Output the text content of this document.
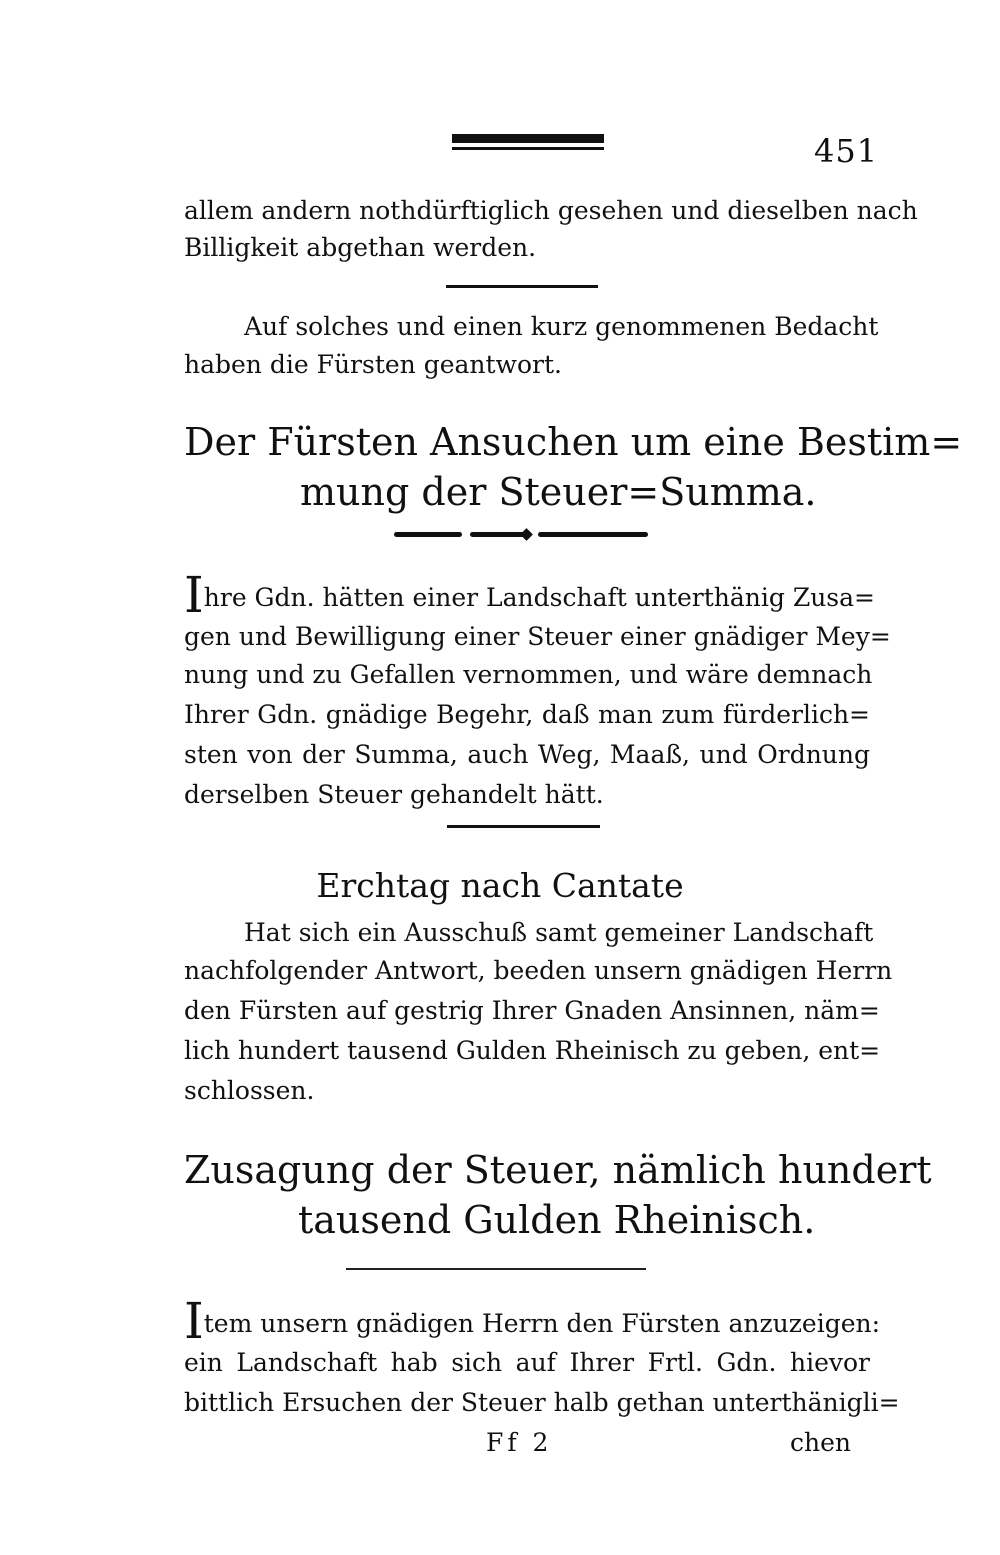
451
allem andern nothdürftiglich gesehen und dieselben nach
Billigkeit abgethan werden.
Auf solches und einen kurz genommenen Bedacht
haben die Fürsten geantwort.
Der Fürsten Ansuchen um eine Bestim=
mung der Steuer=Summa.
Ihre Gdn. hätten einer Landschaft unterthänig Zusa=
gen und Bewilligung einer Steuer einer gnädiger Mey=
nung und zu Gefallen vernommen, und wäre demnach
Ihrer Gdn. gnädige Begehr, daß man zum fürderlich=
sten von der Summa, auch Weg, Maaß, und Ordnung
derselben Steuer gehandelt hätt.
Erchtag nach Cantate
Hat sich ein Ausschuß samt gemeiner Landschaft
nachfolgender Antwort, beeden unsern gnädigen Herrn
den Fürsten auf gestrig Ihrer Gnaden Ansinnen, näm=
lich hundert tausend Gulden Rheinisch zu geben, ent=
schlossen.
Zusagung der Steuer, nämlich hundert
tausend Gulden Rheinisch.
Item unsern gnädigen Herrn den Fürsten anzuzeigen:
ein Landschaft hab sich auf Ihrer Frtl. Gdn. hievor
bittlich Ersuchen der Steuer halb gethan unterthänigli=
Ff 2	chen
